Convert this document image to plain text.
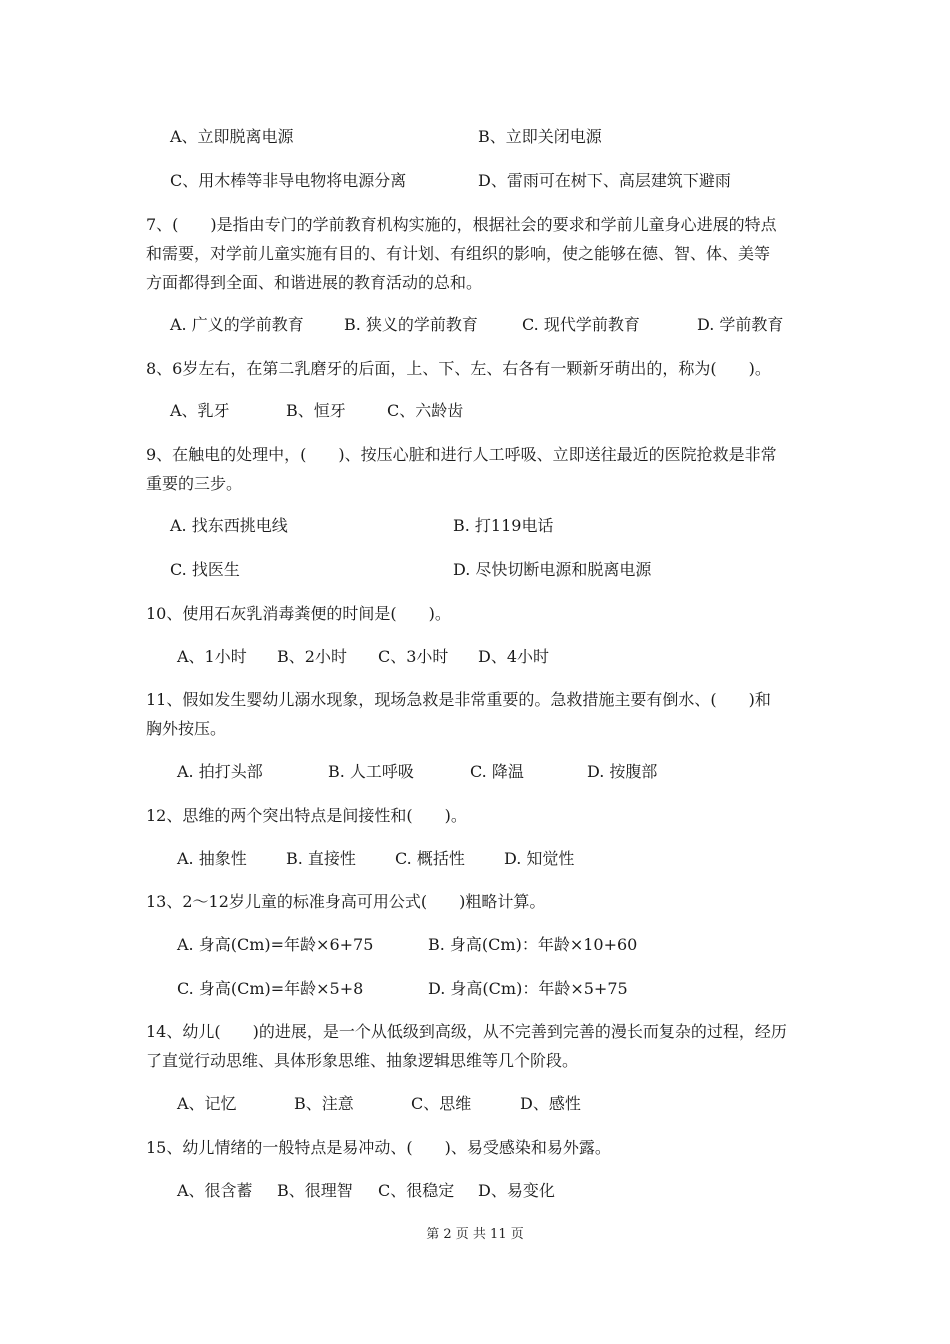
A、立即脱离电源	B、立即关闭电源
C、用木棒等非导电物将电源分离	D、雷雨可在树下、高层建筑下避雨
7、(　　)是指由专门的学前教育机构实施的，根据社会的要求和学前儿童身心进展的特点
和需要，对学前儿童实施有目的、有计划、有组织的影响，使之能够在德、智、体、美等
方面都得到全面、和谐进展的教育活动的总和。
A. 广义的学前教育	B. 狭义的学前教育	C. 现代学前教育	D. 学前教育
8、6岁左右，在第二乳磨牙的后面，上、下、左、右各有一颗新牙萌出的，称为(　　)。
A、乳牙	B、恒牙	C、六龄齿
9、在触电的处理中，(　　)、按压心脏和进行人工呼吸、立即送往最近的医院抢救是非常
重要的三步。
A. 找东西挑电线	B. 打119电话
C. 找医生	D. 尽快切断电源和脱离电源
10、使用石灰乳消毒粪便的时间是(　　)。
A、1小时 B、2小时 C、3小时 D、4小时
11、假如发生婴幼儿溺水现象，现场急救是非常重要的。急救措施主要有倒水、(　　)和
胸外按压。
A. 拍打头部	B. 人工呼吸	C. 降温	D. 按腹部
12、思维的两个突出特点是间接性和(　　)。
A. 抽象性 B. 直接性 C. 概括性 D. 知觉性
13、2～12岁儿童的标准身高可用公式(　　)粗略计算。
A. 身高(Cm)=年龄×6+75	B. 身高(Cm)：年龄×10+60
C. 身高(Cm)=年龄×5+8	D. 身高(Cm)：年龄×5+75
14、幼儿(　　)的进展，是一个从低级到高级，从不完善到完善的漫长而复杂的过程，经历
了直觉行动思维、具体形象思维、抽象逻辑思维等几个阶段。
A、记忆	B、注意	C、思维	D、感性
15、幼儿情绪的一般特点是易冲动、(　　)、易受感染和易外露。
A、很含蓄 B、很理智 C、很稳定 D、易变化
第 2 页 共 11 页
